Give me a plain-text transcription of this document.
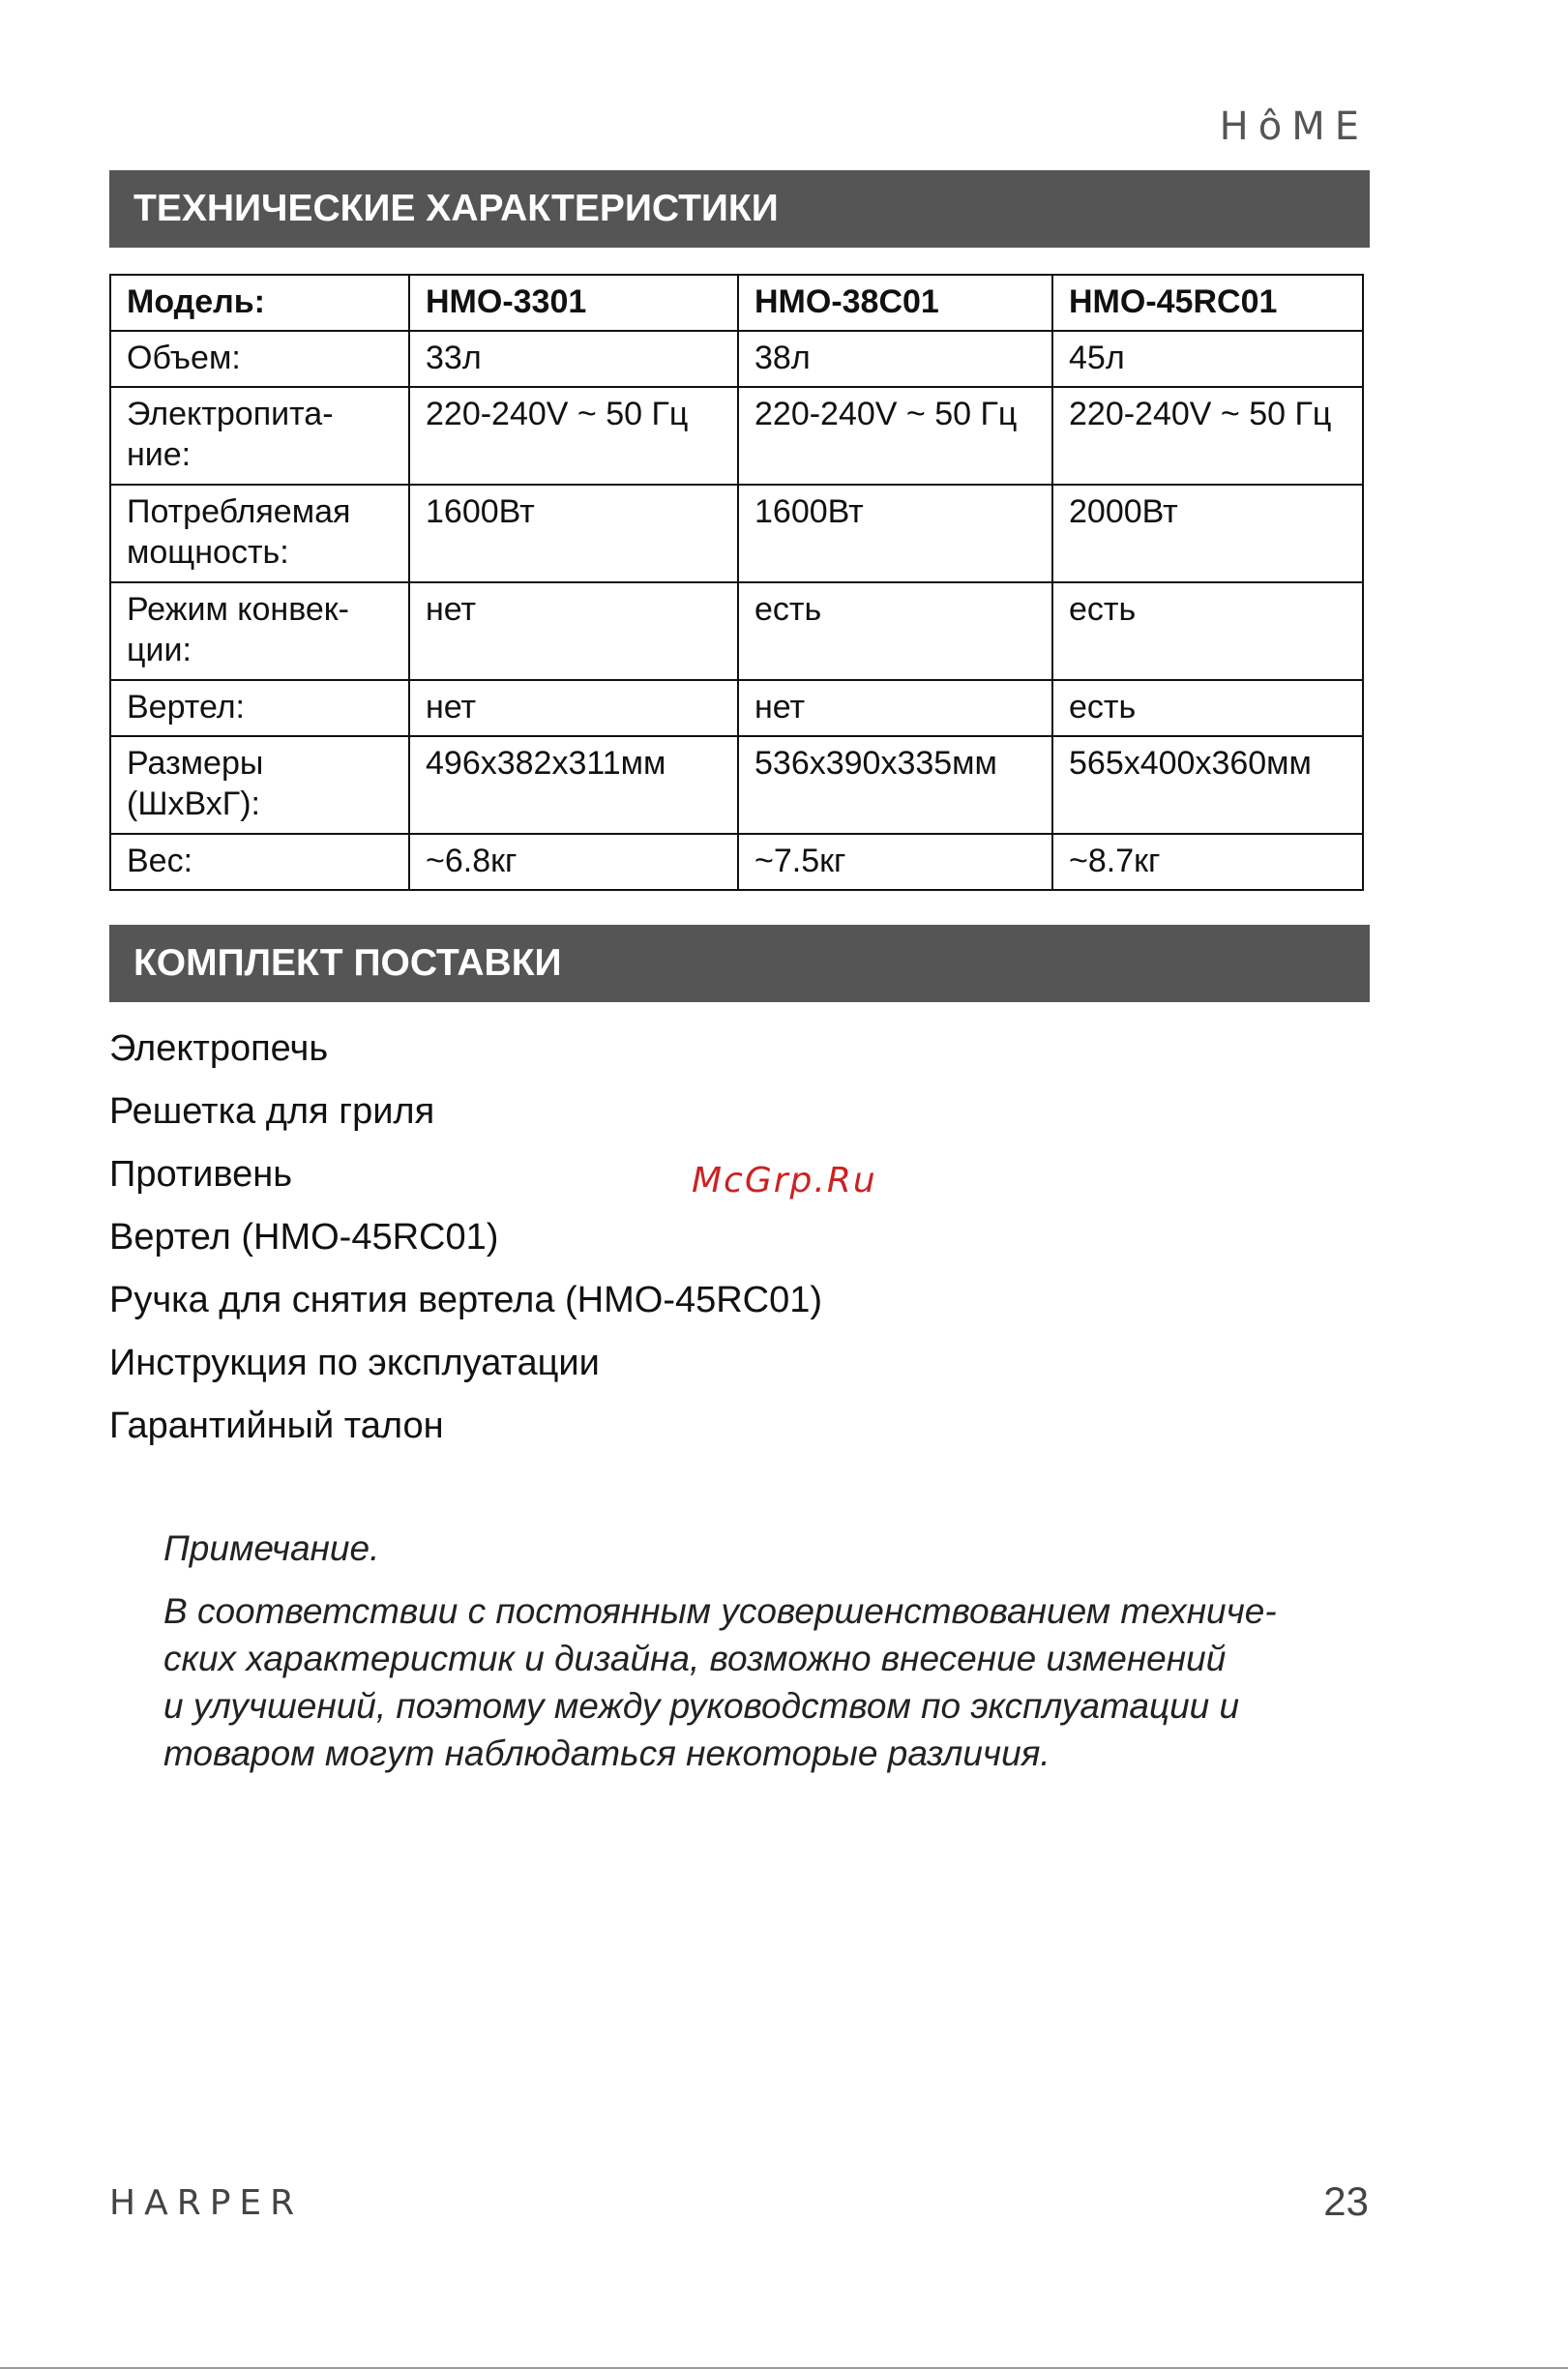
HôME
ТЕХНИЧЕСКИЕ ХАРАКТЕРИСТИКИ
Модель:	HMO-3301	HMO-38C01	HMO-45RC01
Объем:	33л	38л	45л
Электропита-
ние:	220-240V ~ 50 Гц	220-240V ~ 50 Гц	220-240V ~ 50 Гц
Потребляемая
мощность:	1600Вт	1600Вт	2000Вт
Режим конвек-
ции:	нет	есть	есть
Вертел:	нет	нет	есть
Размеры
(ШхВхГ):	496x382x311мм	536x390x335мм	565x400x360мм
Вес:	~6.8кг	~7.5кг	~8.7кг
КОМПЛЕКТ ПОСТАВКИ
Электропечь
Решетка для гриля
Противень
Вертел (HMO-45RC01)
Ручка для снятия вертела (HMO-45RC01)
Инструкция по эксплуатации
Гарантийный талон
McGrp.Ru

Примечание.

В соответствии с постоянным усовершенствованием техниче-
ских характеристик и дизайна, возможно внесение изменений
и улучшений, поэтому между руководством по эксплуатации и
товаром могут наблюдаться некоторые различия.

HARPER	23
